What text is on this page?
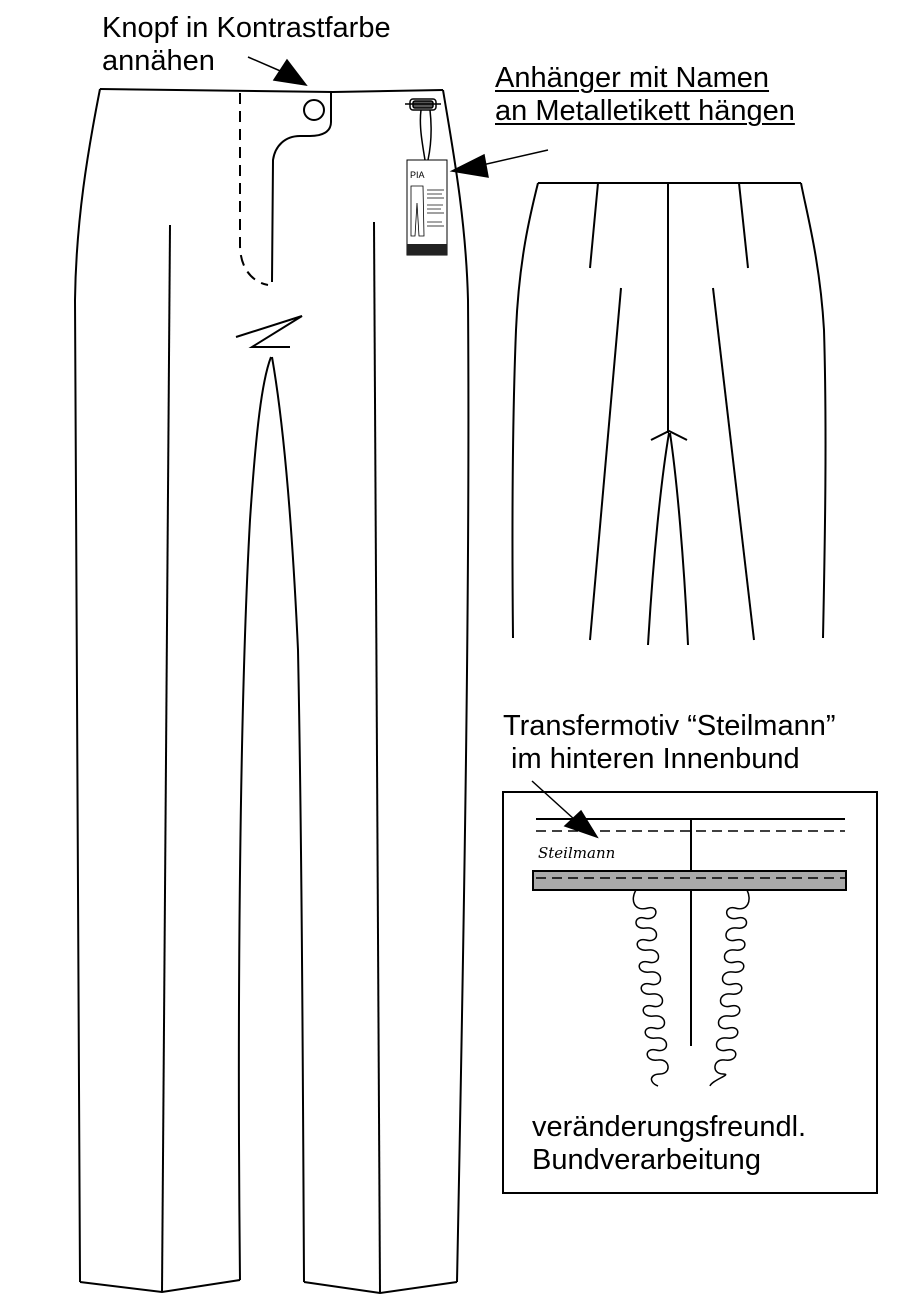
PIA
Steilmann
Knopf in Kontrastfarbe
annähen
Anhänger mit Namen
an Metalletikett hängen
Transfermotiv “Steilmann”
im hinteren Innenbund
veränderungsfreundl.
Bundverarbeitung
